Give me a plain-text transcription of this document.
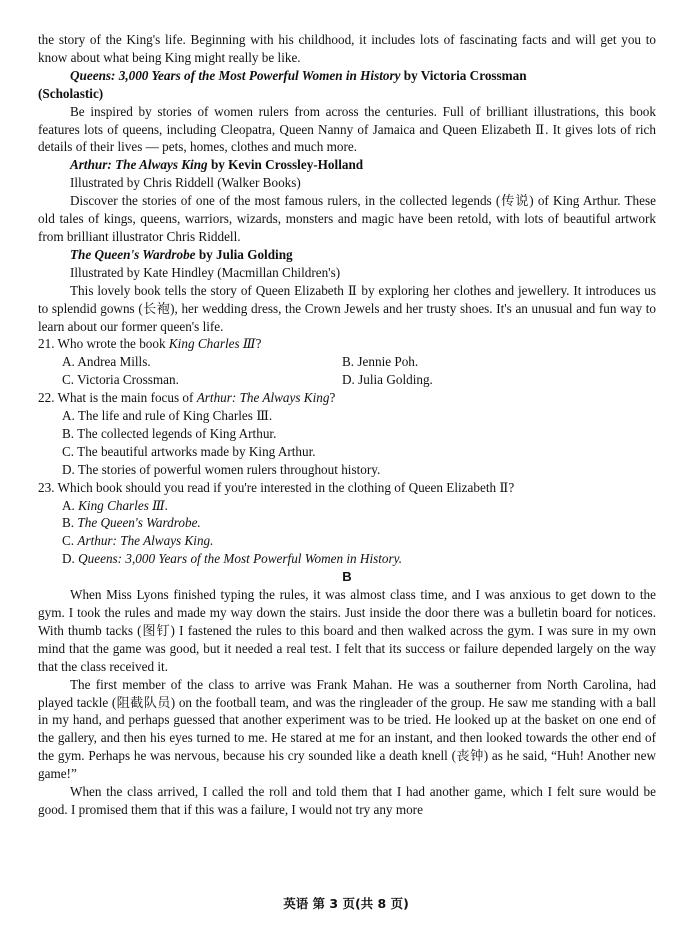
the story of the King's life. Beginning with his childhood, it includes lots of fascinating facts and will get you to know about what being King might really be like.

Queens: 3,000 Years of the Most Powerful Women in History by Victoria Crossman

(Scholastic)

Be inspired by stories of women rulers from across the centuries. Full of brilliant illustrations, this book features lots of queens, including Cleopatra, Queen Nanny of Jamaica and Queen Elizabeth Ⅱ. It gives lots of rich details of their lives — pets, homes, clothes and much more.

Arthur: The Always King by Kevin Crossley-Holland

Illustrated by Chris Riddell (Walker Books)

Discover the stories of one of the most famous rulers, in the collected legends (传说) of King Arthur. These old tales of kings, queens, warriors, wizards, monsters and magic have been retold, with lots of beautiful artwork from brilliant illustrator Chris Riddell.

The Queen's Wardrobe by Julia Golding

Illustrated by Kate Hindley (Macmillan Children's)

This lovely book tells the story of Queen Elizabeth Ⅱ by exploring her clothes and jewellery. It introduces us to splendid gowns (长袍), her wedding dress, the Crown Jewels and her trusty shoes. It's an unusual and fun way to learn about our former queen's life.

21. Who wrote the book King Charles Ⅲ?

A. Andrea Mills.	B. Jennie Poh.
C. Victoria Crossman.	D. Julia Golding.

22. What is the main focus of Arthur: The Always King?

A. The life and rule of King Charles Ⅲ.

B. The collected legends of King Arthur.

C. The beautiful artworks made by King Arthur.

D. The stories of powerful women rulers throughout history.

23. Which book should you read if you're interested in the clothing of Queen Elizabeth Ⅱ?

A. King Charles Ⅲ.

B. The Queen's Wardrobe.

C. Arthur: The Always King.

D. Queens: 3,000 Years of the Most Powerful Women in History.

B

When Miss Lyons finished typing the rules, it was almost class time, and I was anxious to get down to the gym. I took the rules and made my way down the stairs. Just inside the door there was a bulletin board for notices. With thumb tacks (图钉) I fastened the rules to this board and then walked across the gym. I was sure in my own mind that the game was good, but it needed a real test. I felt that its success or failure depended largely on the way that the class received it.

The first member of the class to arrive was Frank Mahan. He was a southerner from North Carolina, had played tackle (阻截队员) on the football team, and was the ringleader of the group. He saw me standing with a ball in my hand, and perhaps guessed that another experiment was to be tried. He looked up at the basket on one end of the gallery, and then his eyes turned to me. He stared at me for an instant, and then looked towards the other end of the gym. Perhaps he was nervous, because his cry sounded like a death knell (丧钟) as he said, “Huh! Another new game!”

When the class arrived, I called the roll and told them that I had another game, which I felt sure would be good. I promised them that if this was a failure, I would not try any more

英语 第 3 页(共 8 页)
